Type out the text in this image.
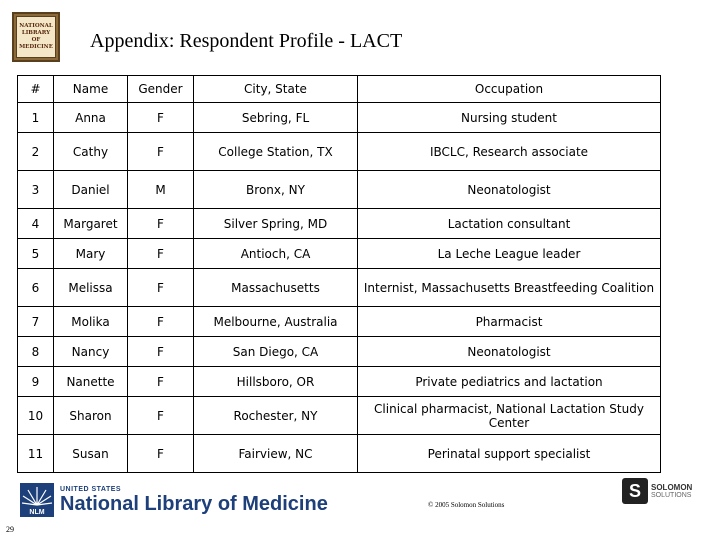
NATIONAL
LIBRARY
OF
MEDICINE Appendix: Respondent Profile - LACT
#	Name	Gender	City, State	Occupation
1	Anna	F	Sebring, FL	Nursing student
2	Cathy	F	College Station, TX	IBCLC, Research associate
3	Daniel	M	Bronx, NY	Neonatologist
4	Margaret	F	Silver Spring, MD	Lactation consultant
5	Mary	F	Antioch, CA	La Leche League leader
6	Melissa	F	Massachusetts	Internist, Massachusetts Breastfeeding Coalition
7	Molika	F	Melbourne, Australia	Pharmacist
8	Nancy	F	San Diego, CA	Neonatologist
9	Nanette	F	Hillsboro, OR	Private pediatrics and lactation
10	Sharon	F	Rochester, NY	Clinical pharmacist, National Lactation Study Center
11	Susan	F	Fairview, NC	Perinatal support specialist
NLM
UNITED STATES
National Library of Medicine	© 2005 Solomon Solutions
S	SOLOMON
SOLUTIONS
29
